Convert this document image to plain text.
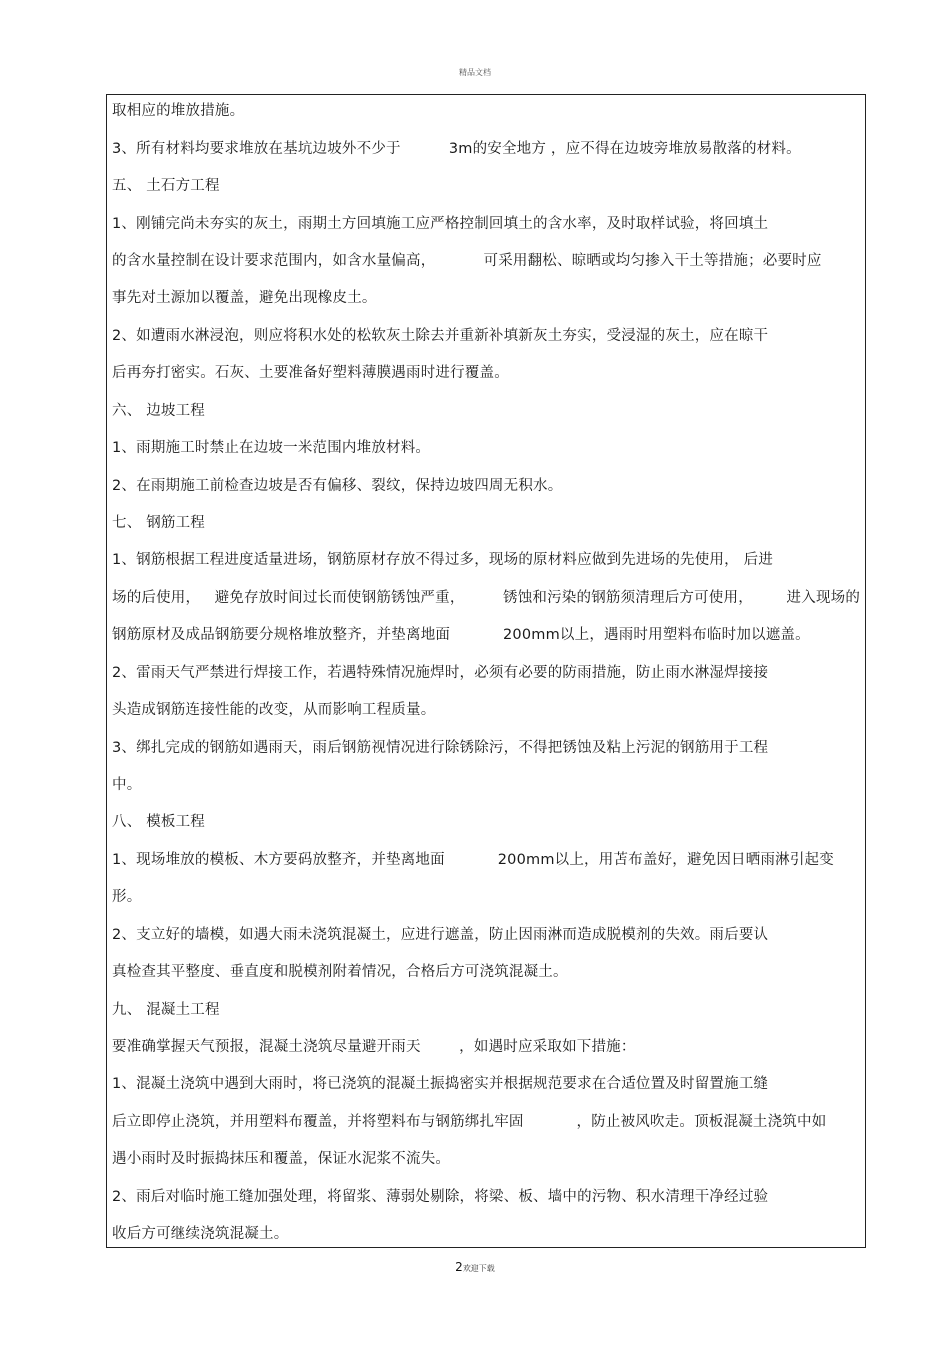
精品文档
取相应的堆放措施。
3、所有材料均要求堆放在基坑边坡外不少于          3m的安全地方 ，应不得在边坡旁堆放易散落的材料。
五、 土石方工程
1、刚铺完尚未夯实的灰土，雨期土方回填施工应严格控制回填土的含水率，及时取样试验，将回填土
的含水量控制在设计要求范围内，如含水量偏高，          可采用翻松、晾晒或均匀掺入干土等措施；必要时应
事先对土源加以覆盖，避免出现橡皮土。
2、如遭雨水淋浸泡，则应将积水处的松软灰土除去并重新补填新灰土夯实，受浸湿的灰土，应在晾干
后再夯打密实。石灰、土要准备好塑料薄膜遇雨时进行覆盖。
六、 边坡工程
1、雨期施工时禁止在边坡一米范围内堆放材料。
2、在雨期施工前检查边坡是否有偏移、裂纹，保持边坡四周无积水。
七、 钢筋工程
1、钢筋根据工程进度适量进场，钢筋原材存放不得过多，现场的原材料应做到先进场的先使用， 后进
场的后使用，   避免存放时间过长而使钢筋锈蚀严重，        锈蚀和污染的钢筋须清理后方可使用，       进入现场的
钢筋原材及成品钢筋要分规格堆放整齐，并垫离地面           200mm以上，遇雨时用塑料布临时加以遮盖。
2、雷雨天气严禁进行焊接工作，若遇特殊情况施焊时，必须有必要的防雨措施，防止雨水淋湿焊接接
头造成钢筋连接性能的改变，从而影响工程质量。
3、绑扎完成的钢筋如遇雨天，雨后钢筋视情况进行除锈除污，不得把锈蚀及粘上污泥的钢筋用于工程
中。
八、 模板工程
1、现场堆放的模板、木方要码放整齐，并垫离地面           200mm以上，用苫布盖好，避免因日晒雨淋引起变
形。
2、支立好的墙模，如遇大雨未浇筑混凝土，应进行遮盖，防止因雨淋而造成脱模剂的失效。雨后要认
真检查其平整度、垂直度和脱模剂附着情况，合格后方可浇筑混凝土。
九、 混凝土工程
要准确掌握天气预报，混凝土浇筑尽量避开雨天        ，如遇时应采取如下措施：
1、混凝土浇筑中遇到大雨时，将已浇筑的混凝土振捣密实并根据规范要求在合适位置及时留置施工缝
后立即停止浇筑，并用塑料布覆盖，并将塑料布与钢筋绑扎牢固           ，防止被风吹走。顶板混凝土浇筑中如
遇小雨时及时振捣抹压和覆盖，保证水泥浆不流失。
2、雨后对临时施工缝加强处理，将留浆、薄弱处剔除，将梁、板、墙中的污物、积水清理干净经过验
收后方可继续浇筑混凝土。
2欢迎下载
